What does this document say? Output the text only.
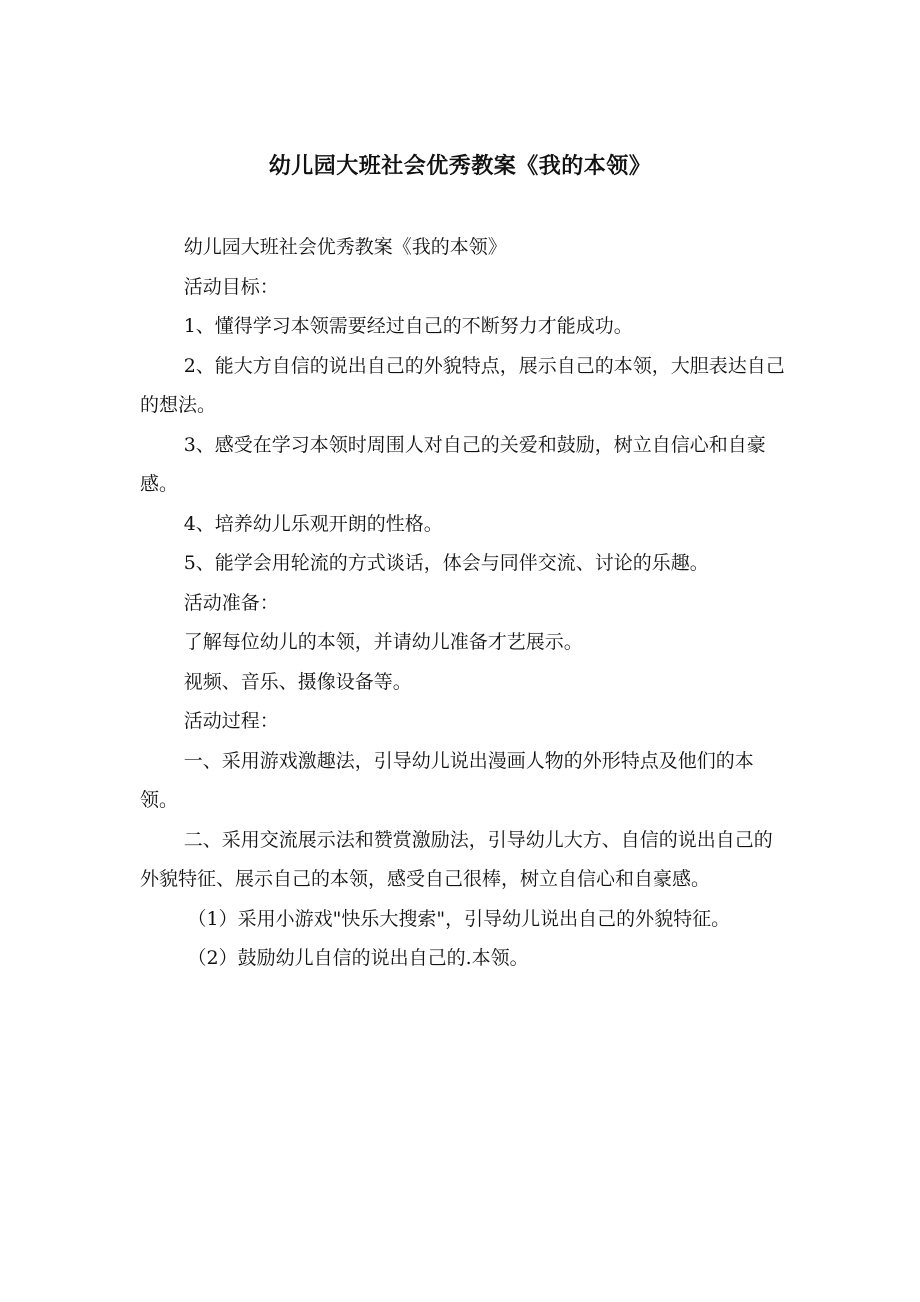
幼儿园大班社会优秀教案《我的本领》

幼儿园大班社会优秀教案《我的本领》

活动目标：

1、懂得学习本领需要经过自己的不断努力才能成功。

2、能大方自信的说出自己的外貌特点，展示自己的本领，大胆表达自己的想法。

3、感受在学习本领时周围人对自己的关爱和鼓励，树立自信心和自豪感。

4、培养幼儿乐观开朗的性格。

5、能学会用轮流的方式谈话，体会与同伴交流、讨论的乐趣。

活动准备：

了解每位幼儿的本领，并请幼儿准备才艺展示。

视频、音乐、摄像设备等。

活动过程：

一、采用游戏激趣法，引导幼儿说出漫画人物的外形特点及他们的本领。

二、采用交流展示法和赞赏激励法，引导幼儿大方、自信的说出自己的外貌特征、展示自己的本领，感受自己很棒，树立自信心和自豪感。

（1）采用小游戏"快乐大搜索"，引导幼儿说出自己的外貌特征。

（2）鼓励幼儿自信的说出自己的.本领。
